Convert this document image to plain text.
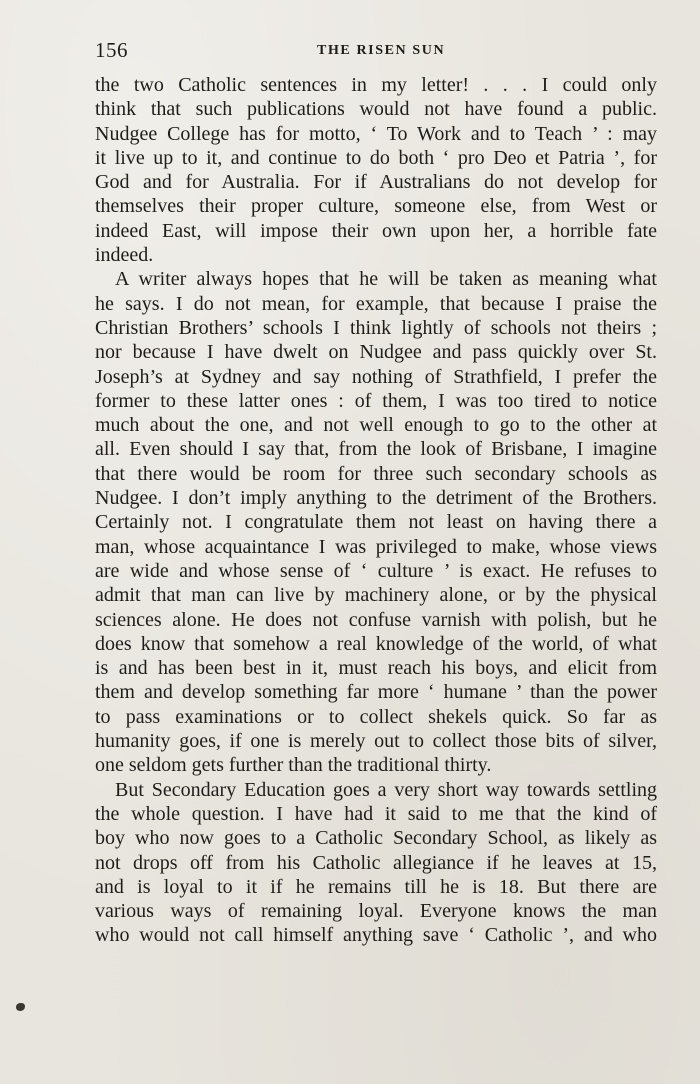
156	THE RISEN SUN
the two Catholic sentences in my letter! . . . I could only
think that such publications would not have found a public.
Nudgee College has for motto, ‘ To Work and to Teach ’ : may
it live up to it, and continue to do both ‘ pro Deo et Patria ’, for
God and for Australia. For if Australians do not develop for
themselves their proper culture, someone else, from West or
indeed East, will impose their own upon her, a horrible fate
indeed.
A writer always hopes that he will be taken as meaning what
he says. I do not mean, for example, that because I praise the
Christian Brothers’ schools I think lightly of schools not theirs ;
nor because I have dwelt on Nudgee and pass quickly over St.
Joseph’s at Sydney and say nothing of Strathfield, I prefer the
former to these latter ones : of them, I was too tired to notice
much about the one, and not well enough to go to the other at
all. Even should I say that, from the look of Brisbane, I imagine
that there would be room for three such secondary schools as
Nudgee. I don’t imply anything to the detriment of the Brothers.
Certainly not. I congratulate them not least on having there a
man, whose acquaintance I was privileged to make, whose views
are wide and whose sense of ‘ culture ’ is exact. He refuses to
admit that man can live by machinery alone, or by the physical
sciences alone. He does not confuse varnish with polish, but he
does know that somehow a real knowledge of the world, of what
is and has been best in it, must reach his boys, and elicit from
them and develop something far more ‘ humane ’ than the power
to pass examinations or to collect shekels quick. So far as
humanity goes, if one is merely out to collect those bits of silver,
one seldom gets further than the traditional thirty.
But Secondary Education goes a very short way towards settling
the whole question. I have had it said to me that the kind of
boy who now goes to a Catholic Secondary School, as likely as
not drops off from his Catholic allegiance if he leaves at 15,
and is loyal to it if he remains till he is 18. But there are
various ways of remaining loyal. Everyone knows the man
who would not call himself anything save ‘ Catholic ’, and who
